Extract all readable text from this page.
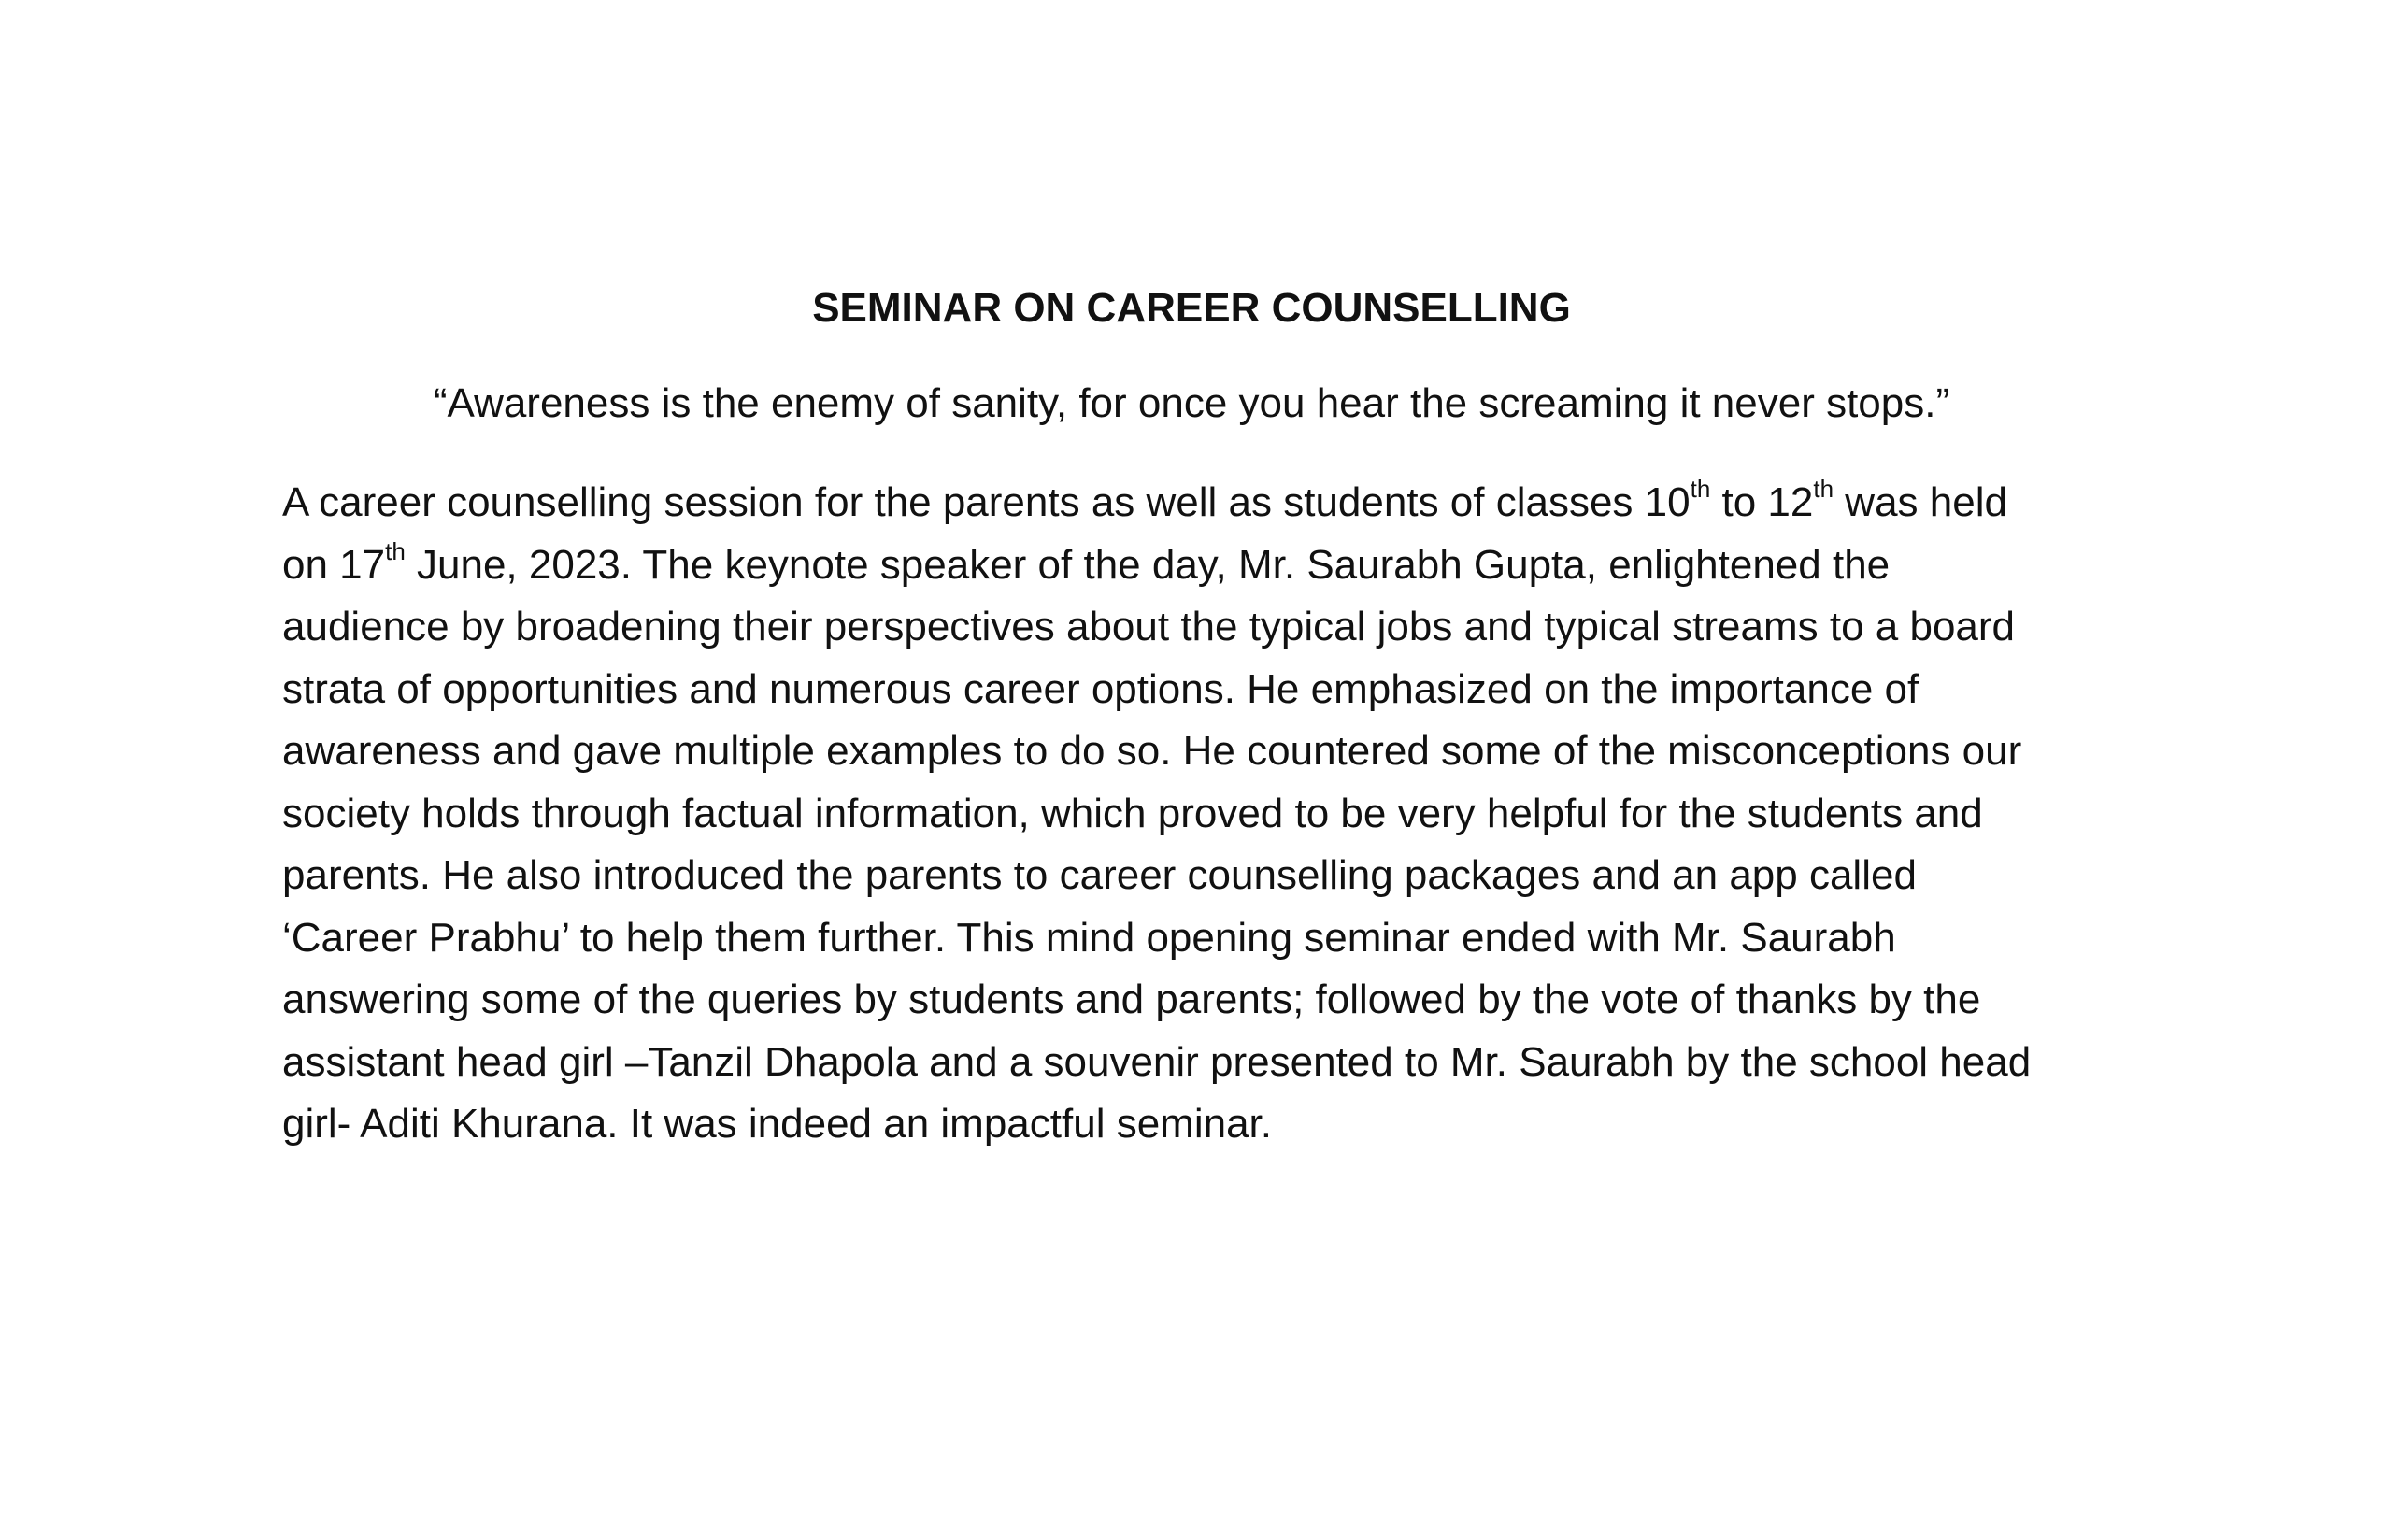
SEMINAR ON CAREER COUNSELLING

“Awareness is the enemy of sanity, for once you hear the screaming it never stops.”

A career counselling session for the parents as well as students of classes 10th to 12th was held
on 17th June, 2023. The keynote speaker of the day, Mr. Saurabh Gupta, enlightened the
audience by broadening their perspectives about the typical jobs and typical streams to a board
strata of opportunities and numerous career options. He emphasized on the importance of
awareness and gave multiple examples to do so. He countered some of the misconceptions our
society holds through factual information, which proved to be very helpful for the students and
parents. He also introduced the parents to career counselling packages and an app called
‘Career Prabhu’ to help them further. This mind opening seminar ended with Mr. Saurabh
answering some of the queries by students and parents; followed by the vote of thanks by the
assistant head girl –Tanzil Dhapola and a souvenir presented to Mr. Saurabh by the school head
girl- Aditi Khurana. It was indeed an impactful seminar.
